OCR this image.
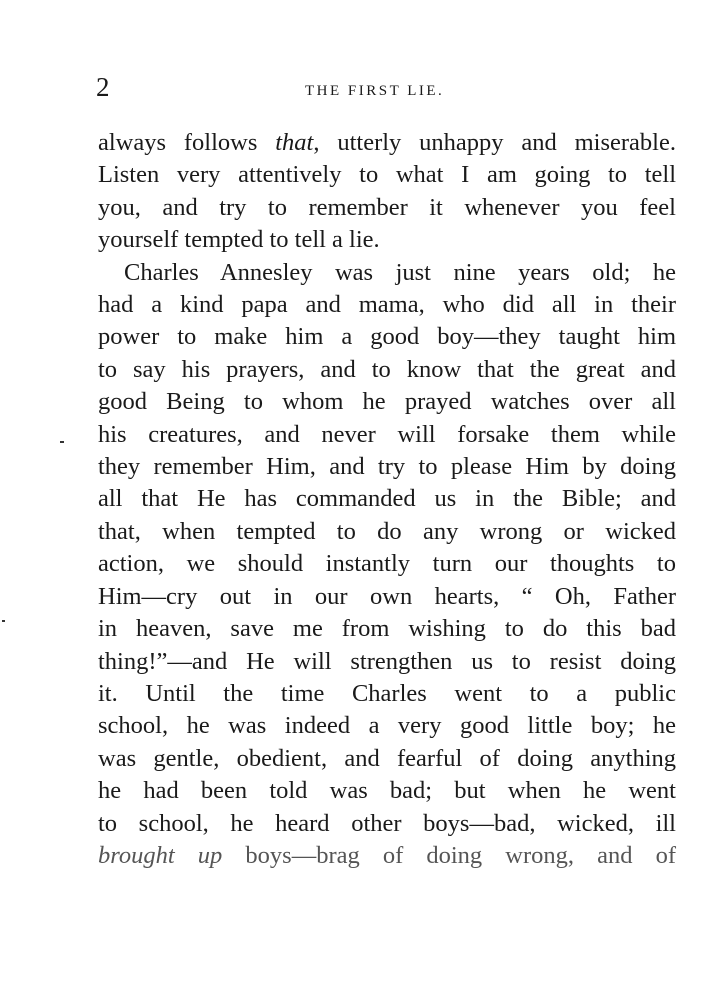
2	THE FIRST LIE.

always follows that, utterly unhappy and miserable.
Listen very attentively to what I am going to tell
you, and try to remember it whenever you feel
yourself tempted to tell a lie.

Charles Annesley was just nine years old; he
had a kind papa and mama, who did all in their
power to make him a good boy—they taught him
to say his prayers, and to know that the great and
good Being to whom he prayed watches over all
his creatures, and never will forsake them while
they remember Him, and try to please Him by doing
all that He has commanded us in the Bible; and
that, when tempted to do any wrong or wicked
action, we should instantly turn our thoughts to
Him—cry out in our own hearts, “ Oh, Father
in heaven, save me from wishing to do this bad
thing!”—and He will strengthen us to resist doing
it. Until the time Charles went to a public
school, he was indeed a very good little boy; he
was gentle, obedient, and fearful of doing anything
he had been told was bad; but when he went
to school, he heard other boys—bad, wicked, ill
brought up boys—brag of doing wrong, and of
